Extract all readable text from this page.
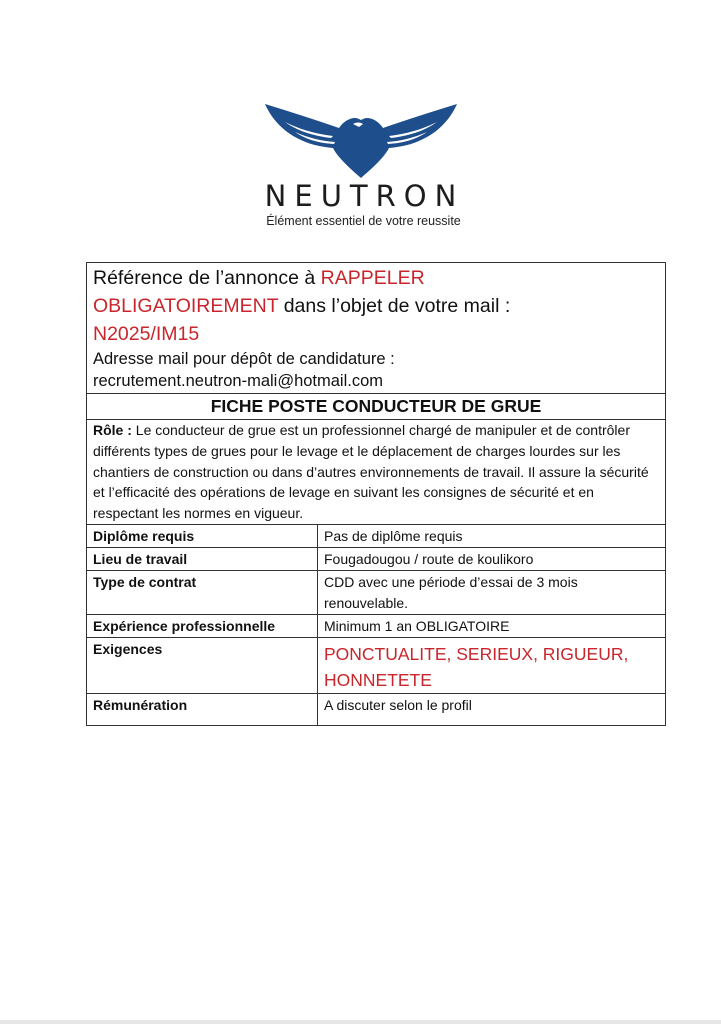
NEUTRON
Élément essentiel de votre reussite
Référence de l’annonce à RAPPELER
OBLIGATOIREMENT dans l’objet de votre mail :
N2025/IM15
Adresse mail pour dépôt de candidature :
recrutement.neutron-mali@hotmail.com	

FICHE POSTE CONDUCTEUR DE GRUE	
Rôle : Le conducteur de grue est un professionnel chargé de manipuler et de contrôler différents types de grues pour le levage et le déplacement de charges lourdes sur les chantiers de construction ou dans d’autres environnements de travail. Il assure la sécurité et l’efficacité des opérations de levage en suivant les consignes de sécurité et en respectant les normes en vigueur.	
Diplôme requis	Pas de diplôme requis
Lieu de travail	Fougadougou / route de koulikoro
Type de contrat	CDD avec une période d’essai de 3 mois renouvelable.
Expérience professionnelle	Minimum 1 an OBLIGATOIRE
Exigences	PONCTUALITE, SERIEUX, RIGUEUR, HONNETETE
Rémunération	A discuter selon le profil
